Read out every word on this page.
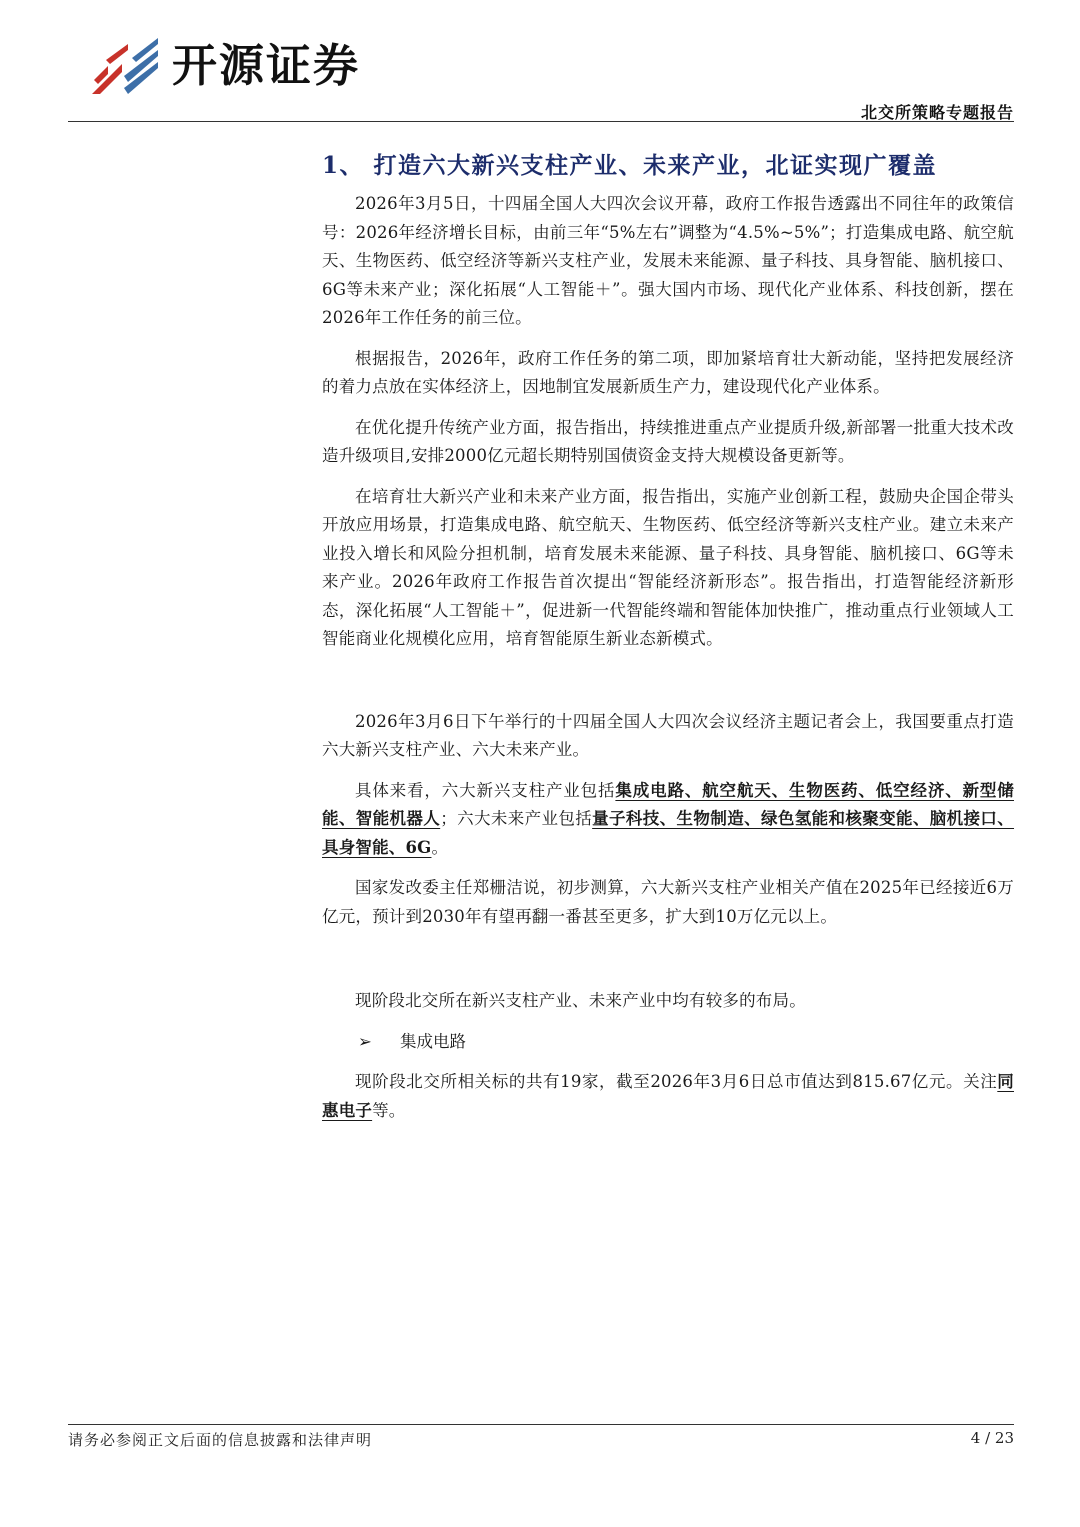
开源证券
北交所策略专题报告
1、 打造六大新兴支柱产业、未来产业，北证实现广覆盖

2026年3月5日，十四届全国人大四次会议开幕，政府工作报告透露出不同往年的政策信号：2026年经济增长目标，由前三年“5%左右”调整为“4.5%~5%”；打造集成电路、航空航天、生物医药、低空经济等新兴支柱产业，发展未来能源、量子科技、具身智能、脑机接口、6G等未来产业；深化拓展“人工智能＋”。强大国内市场、现代化产业体系、科技创新，摆在2026年工作任务的前三位。

根据报告，2026年，政府工作任务的第二项，即加紧培育壮大新动能，坚持把发展经济的着力点放在实体经济上，因地制宜发展新质生产力，建设现代化产业体系。

在优化提升传统产业方面，报告指出，持续推进重点产业提质升级,新部署一批重大技术改造升级项目,安排2000亿元超长期特别国债资金支持大规模设备更新等。

在培育壮大新兴产业和未来产业方面，报告指出，实施产业创新工程，鼓励央企国企带头开放应用场景，打造集成电路、航空航天、生物医药、低空经济等新兴支柱产业。建立未来产业投入增长和风险分担机制，培育发展未来能源、量子科技、具身智能、脑机接口、6G等未来产业。2026年政府工作报告首次提出“智能经济新形态”。报告指出，打造智能经济新形态，深化拓展“人工智能＋”，促进新一代智能终端和智能体加快推广，推动重点行业领域人工智能商业化规模化应用，培育智能原生新业态新模式。

2026年3月6日下午举行的十四届全国人大四次会议经济主题记者会上，我国要重点打造六大新兴支柱产业、六大未来产业。

具体来看，六大新兴支柱产业包括集成电路、航空航天、生物医药、低空经济、新型储能、智能机器人；六大未来产业包括量子科技、生物制造、绿色氢能和核聚变能、脑机接口、具身智能、6G。

国家发改委主任郑栅洁说，初步测算，六大新兴支柱产业相关产值在2025年已经接近6万亿元，预计到2030年有望再翻一番甚至更多，扩大到10万亿元以上。

现阶段北交所在新兴支柱产业、未来产业中均有较多的布局。

➢ 集成电路

现阶段北交所相关标的共有19家，截至2026年3月6日总市值达到815.67亿元。关注同惠电子等。

请务必参阅正文后面的信息披露和法律声明	4 / 23
